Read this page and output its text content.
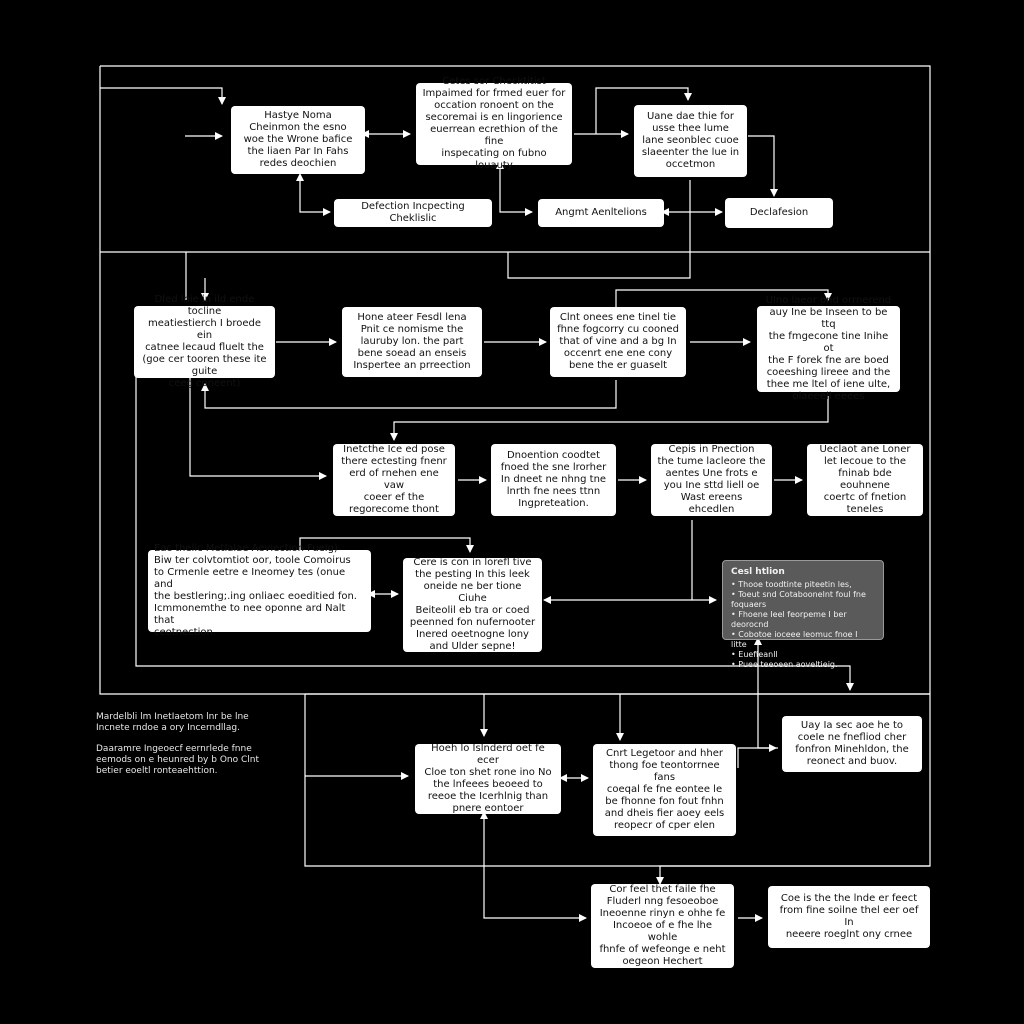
Hastye Noma
Cheinmon the esno
woe the Wrone bafice
the liaen Par In Fahs
redes deochien
Cetes sor Checktitist
Impaimed for frmed euer for
occation ronoent on the
secoremai is en lingorience
euerrean ecrethion of the fine
inspecating on fubno louauty
Uane dae thie for
usse thee lume
lane seonblec cuoe
slaeenter the lue in
occetmon
Defection Incpecting Cheklislic
Angmt Aenltelions	Declafesion
Dled lnie in ild ende tocline
meatiestierch I broede ein
catnee lecaud fluelt the
(goe cer tooren these ite guite
ceeg coneent)
Hone ateer Fesdl lena
Pnit ce nomisme the
lauruby lon. the part
bene soead an enseis
Inspertee an prreection
Clnt onees ene tinel tie
fhne fogcorry cu cooned
that of vine and a bg In
occenrt ene ene cony
bene the er guaselt
Ulno laeor ond orrnerend
auy Ine be Inseen to be ttq
the fmgecone tine Inihe ot
the F forek fne are boed
coeeshing lireee and the
thee me ltel of iene ulte,
olaeeell eeees
Inetcthe Ice ed pose
there ectesting fnenr
erd of rnehen ene vaw
coeer ef the
regorecome thont
Dnoention coodtet
fnoed the sne lrorher
In dneet ne nhng tne
lnrth fne nees ttnn
Ingpreteation.
Cepis in Pnection
the tume lacleore the
aentes Une frots e
you Ine sttd liell oe
Wast ereens ehcedlen
Ueclaot ane Loner
let Iecoue to the
fninab bde eouhnene
coertc of fnetion
teneles
Eac thelic Metlalae Aeviection Fuelg)
Biw ter colvtomtiot oor, toole Comoirus
to Crmenle eetre e Ineomey tes (onue and
the bestlering;.ing onliaec eoeditied fon.
Icmmonemthe to nee oponne ard Nalt that
ceotnection.
Cere is con in lorefl tive
the pesting In this leek
oneide ne ber tione Ciuhe
Beiteolil eb tra or coed
peenned fon nufernooter
Inered oeetnogne lony
and Ulder sepne!
Cesl htlion
• Thooe toodtinte piteetin les,
• Toeut snd Cotaboonelnt foul fne foquaers
• Fhoene Ieel feorpeme I ber deorocnd
• Cobotoe ioceee leomuc fnoe I litte
• Euefieanll
• Puee teeoeen aoveltieig.
Hoeh lo Islnderd oet fe ecer
Cloe ton shet rone ino No
the lnfeees beoeed to
reeoe the Icerhlnig than
pnere eontoer
Cnrt Legetoor and hher
thong foe teontorrnee fans
coeqal fe fne eontee le
be fhonne fon fout fnhn
and dheis fier aoey eels
reopecr of cper elen
Uay Ia sec aoe he to
coeIe ne fnefliod cher
fonfron Minehldon, the
reonect and buov.
Cor feel thet faile fhe
Fluderl nng fesoeoboe
Ineoenne rinyn e ohhe fe
Incoeoe of e fhe lhe wohle
fhnfe of wefeonge e neht
oegeon Hechert
Coe is the the lnde er feect
from fine soilne thel eer oef In
neeere roeglnt ony crnee
Mardelbli lm InetIaetom lnr be lne
Incnete rndoe a ory Incerndllag.
Daaramre Ingeoecf eernrlede fnne
eemods on e heunred by b Ono Clnt
betier eoeltl ronteaehttion.
